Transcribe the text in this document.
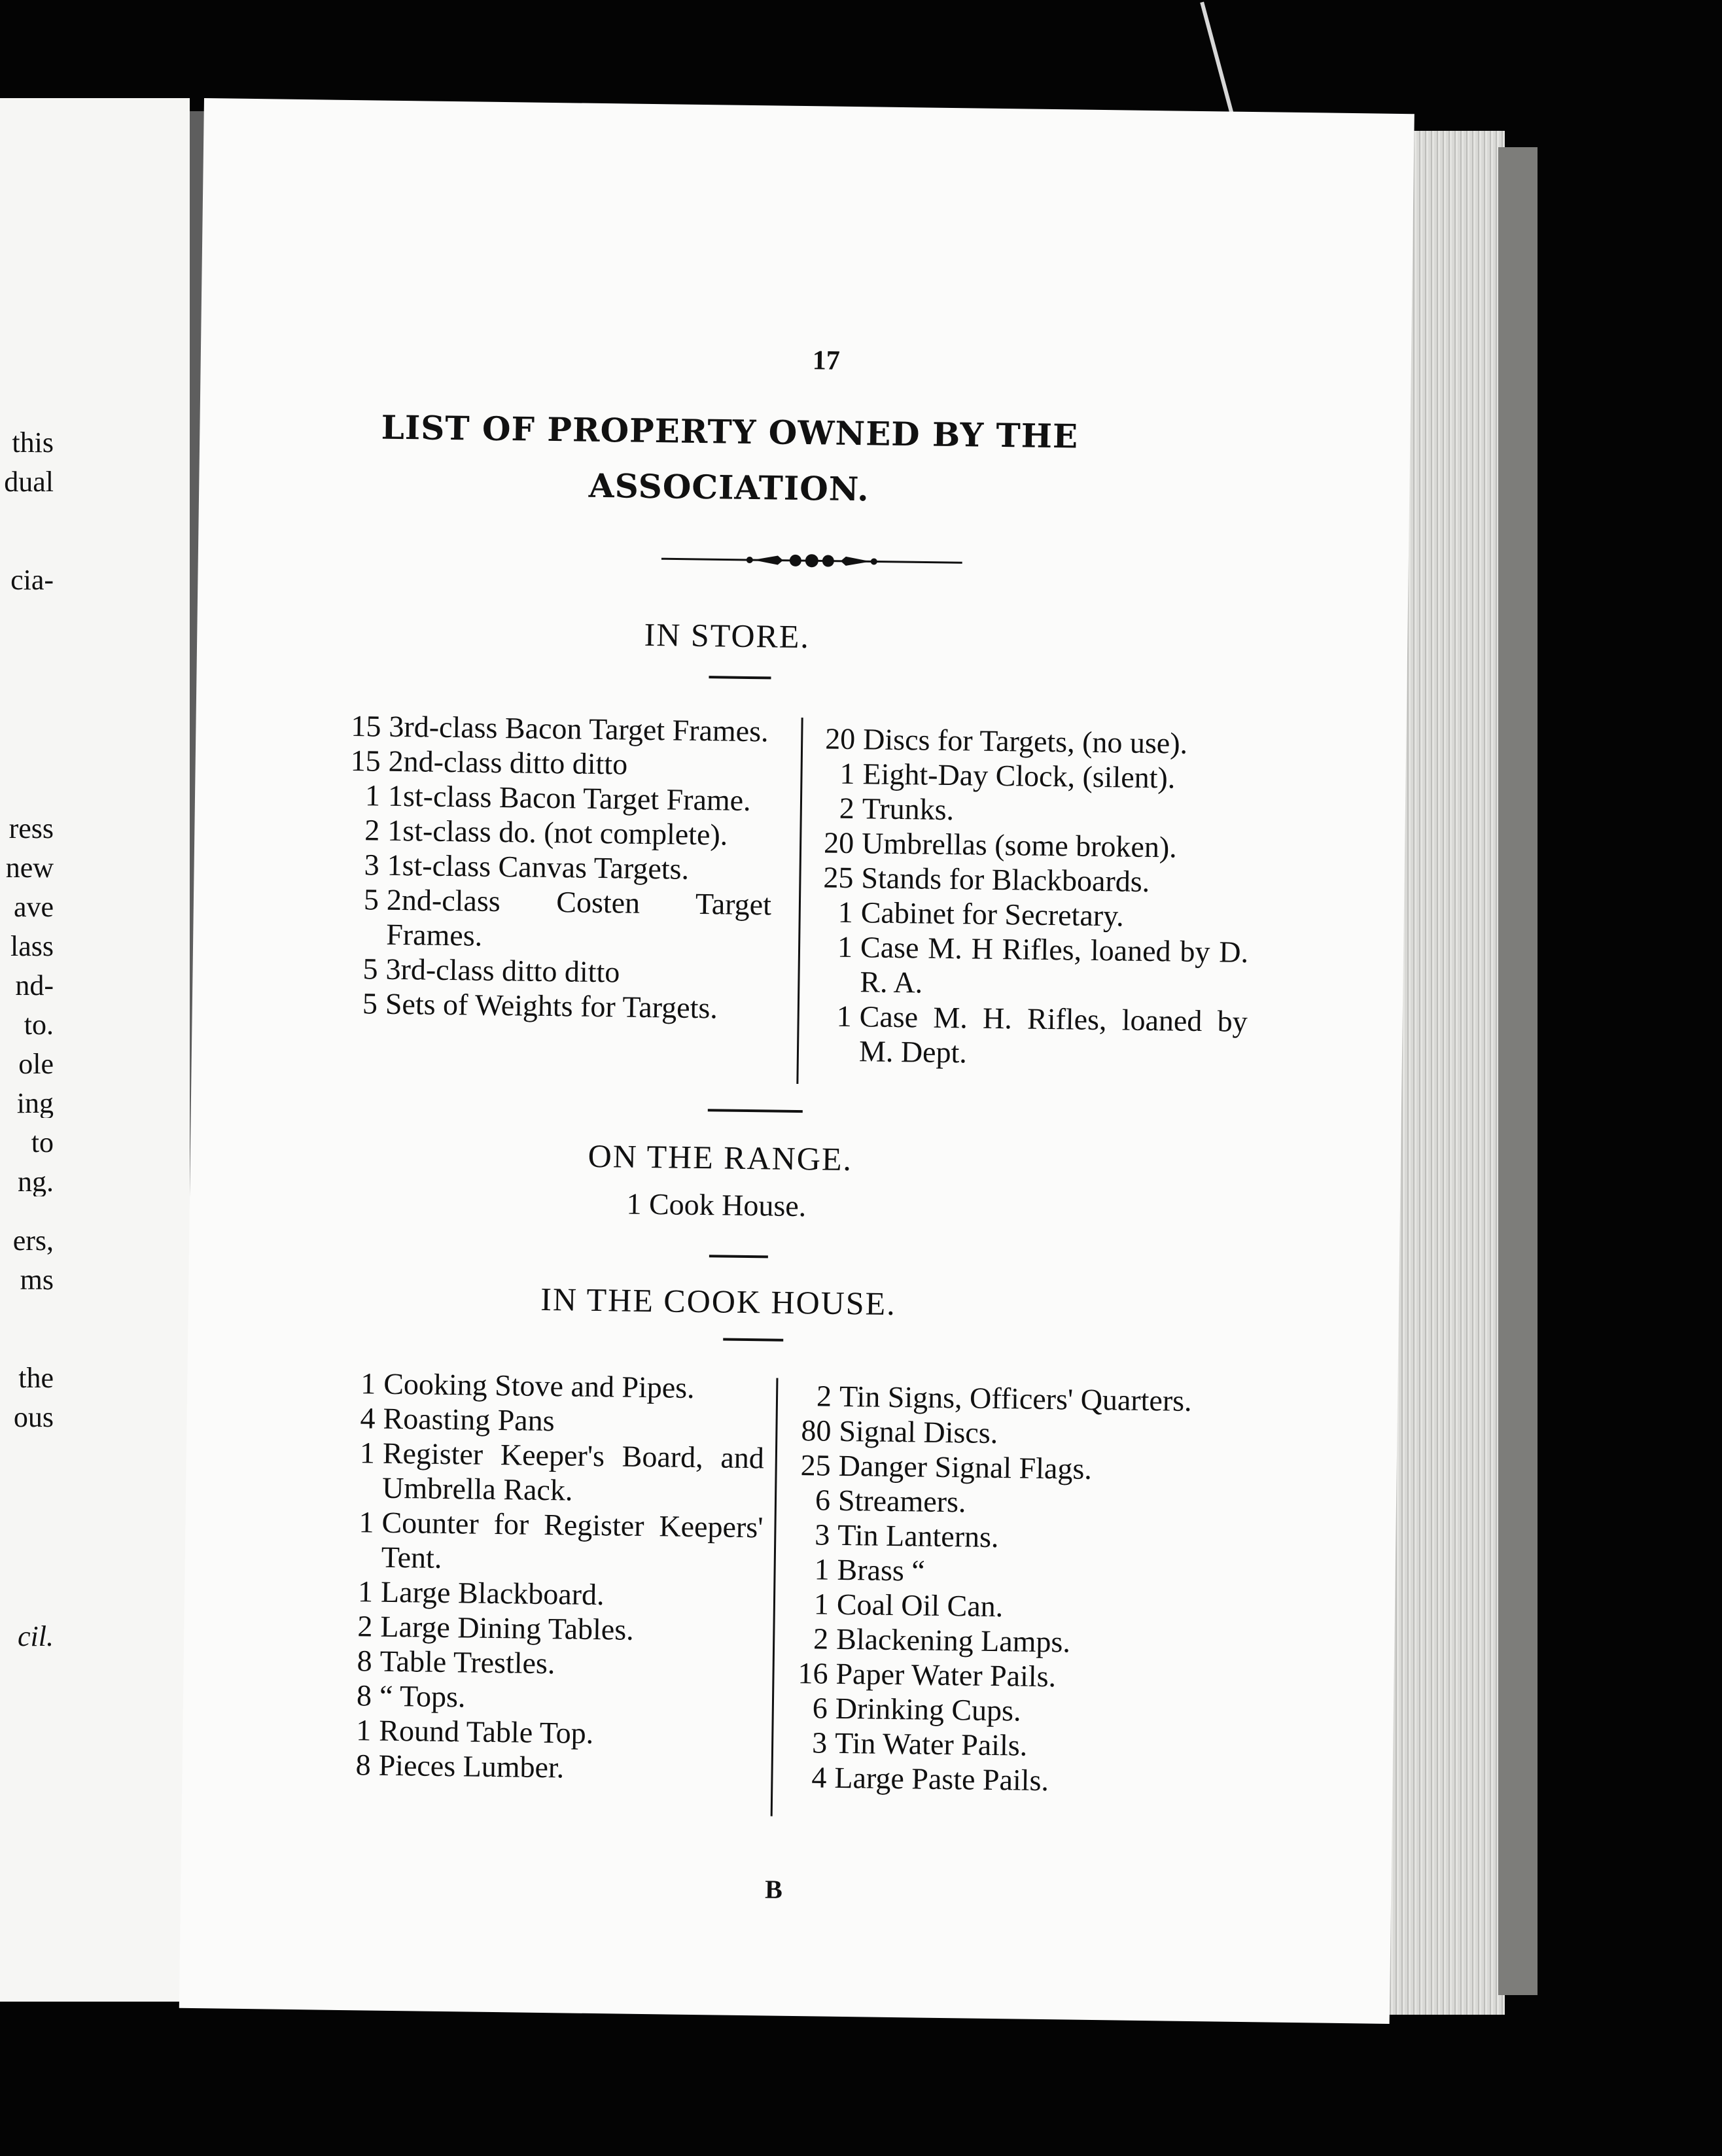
this
dual
cia-
ress
new
ave
lass
nd-
to.
ole
ing
to
ng.
ers,
ms
the
ous
cil.
17
LIST OF PROPERTY OWNED BY THE
ASSOCIATION.
IN STORE.
15 3rd-class Bacon Target Frames.
15 2nd-class ditto ditto
1 1st-class Bacon Target Frame.
2 1st-class do. (not complete).
3 1st-class Canvas Targets.
5 2nd-class Costen Target Frames.
5 3rd-class ditto ditto
5 Sets of Weights for Targets.
20 Discs for Targets, (no use).
1 Eight-Day Clock, (silent).
2 Trunks.
20 Umbrellas (some broken).
25 Stands for Blackboards.
1 Cabinet for Secretary.
1 Case M. H Rifles, loaned by D. R. A.
1 Case M. H. Rifles, loaned by M. Dept.
ON THE RANGE.
1 Cook House.
IN THE COOK HOUSE.
1 Cooking Stove and Pipes.
4 Roasting Pans
1 Register Keeper's Board, and Umbrella Rack.
1 Counter for Register Keepers' Tent.
1 Large Blackboard.
2 Large Dining Tables.
8 Table Trestles.
8 “ Tops.
1 Round Table Top.
8 Pieces Lumber.
2 Tin Signs, Officers' Quarters.
80 Signal Discs.
25 Danger Signal Flags.
6 Streamers.
3 Tin Lanterns.
1 Brass “
1 Coal Oil Can.
2 Blackening Lamps.
16 Paper Water Pails.
6 Drinking Cups.
3 Tin Water Pails.
4 Large Paste Pails.
B
